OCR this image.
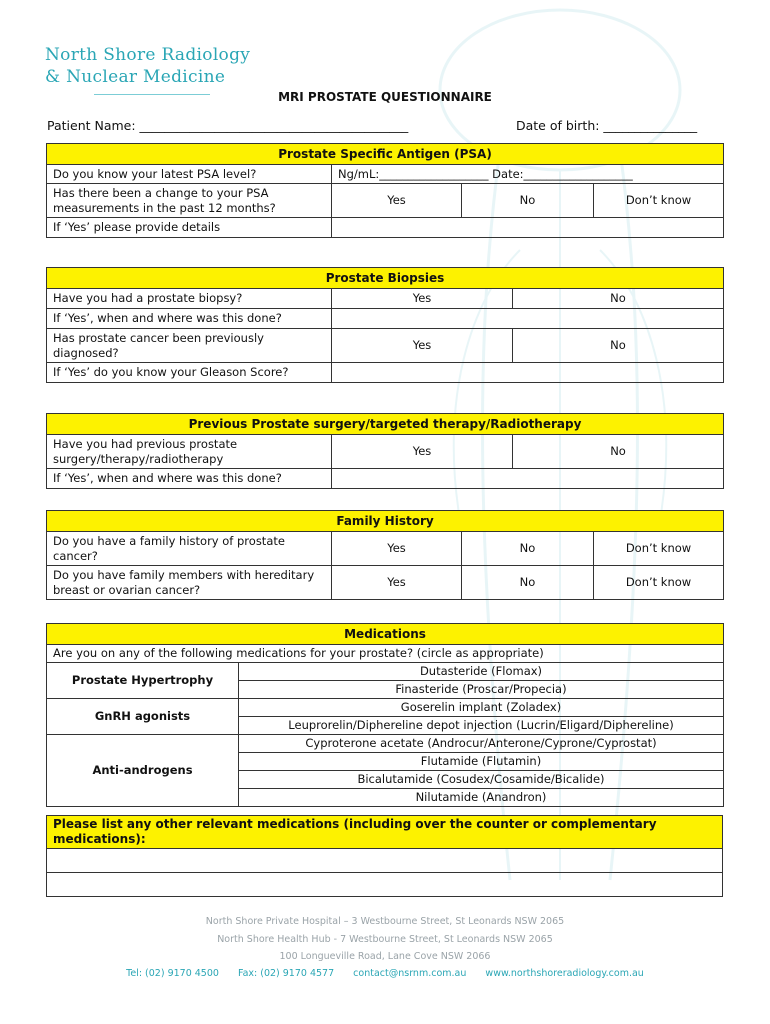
North Shore Radiology
& Nuclear Medicine
MRI PROSTATE QUESTIONNAIRE
Patient Name: ___________________________________________	Date of birth: _______________
Prostate Specific Antigen (PSA)			
Do you know your latest PSA level?	Ng/mL:___________________ Date:___________________		
Has there been a change to your PSA measurements in the past 12 months?	Yes	No	Don’t know
If ‘Yes’ please provide details			
Prostate Biopsies		
Have you had a prostate biopsy?	Yes	No
If ‘Yes’, when and where was this done?		
Has prostate cancer been previously diagnosed?	Yes	No
If ‘Yes’ do you know your Gleason Score?		
Previous Prostate surgery/targeted therapy/Radiotherapy		
Have you had previous prostate surgery/therapy/radiotherapy	Yes	No
If ‘Yes’, when and where was this done?		
Family History			
Do you have a family history of prostate cancer?	Yes	No	Don’t know
Do you have family members with hereditary breast or ovarian cancer?	Yes	No	Don’t know
Medications	
Are you on any of the following medications for your prostate? (circle as appropriate)	
Prostate Hypertrophy	Dutasteride (Flomax)
	Finasteride (Proscar/Propecia)
GnRH agonists	Goserelin implant (Zoladex)
	Leuprorelin/Diphereline depot injection (Lucrin/Eligard/Diphereline)
Anti-androgens	Cyproterone acetate (Androcur/Anterone/Cyprone/Cyprostat)
	Flutamide (Flutamin)
	Bicalutamide (Cosudex/Cosamide/Bicalide)
	Nilutamide (Anandron)
Please list any other relevant medications (including over the counter or complementary medications):

North Shore Private Hospital – 3 Westbourne Street, St Leonards NSW 2065
North Shore Health Hub - 7 Westbourne Street, St Leonards NSW 2065
100 Longueville Road, Lane Cove NSW 2066
Tel: (02) 9170 4500 Fax: (02) 9170 4577 contact@nsrnm.com.au www.northshoreradiology.com.au
